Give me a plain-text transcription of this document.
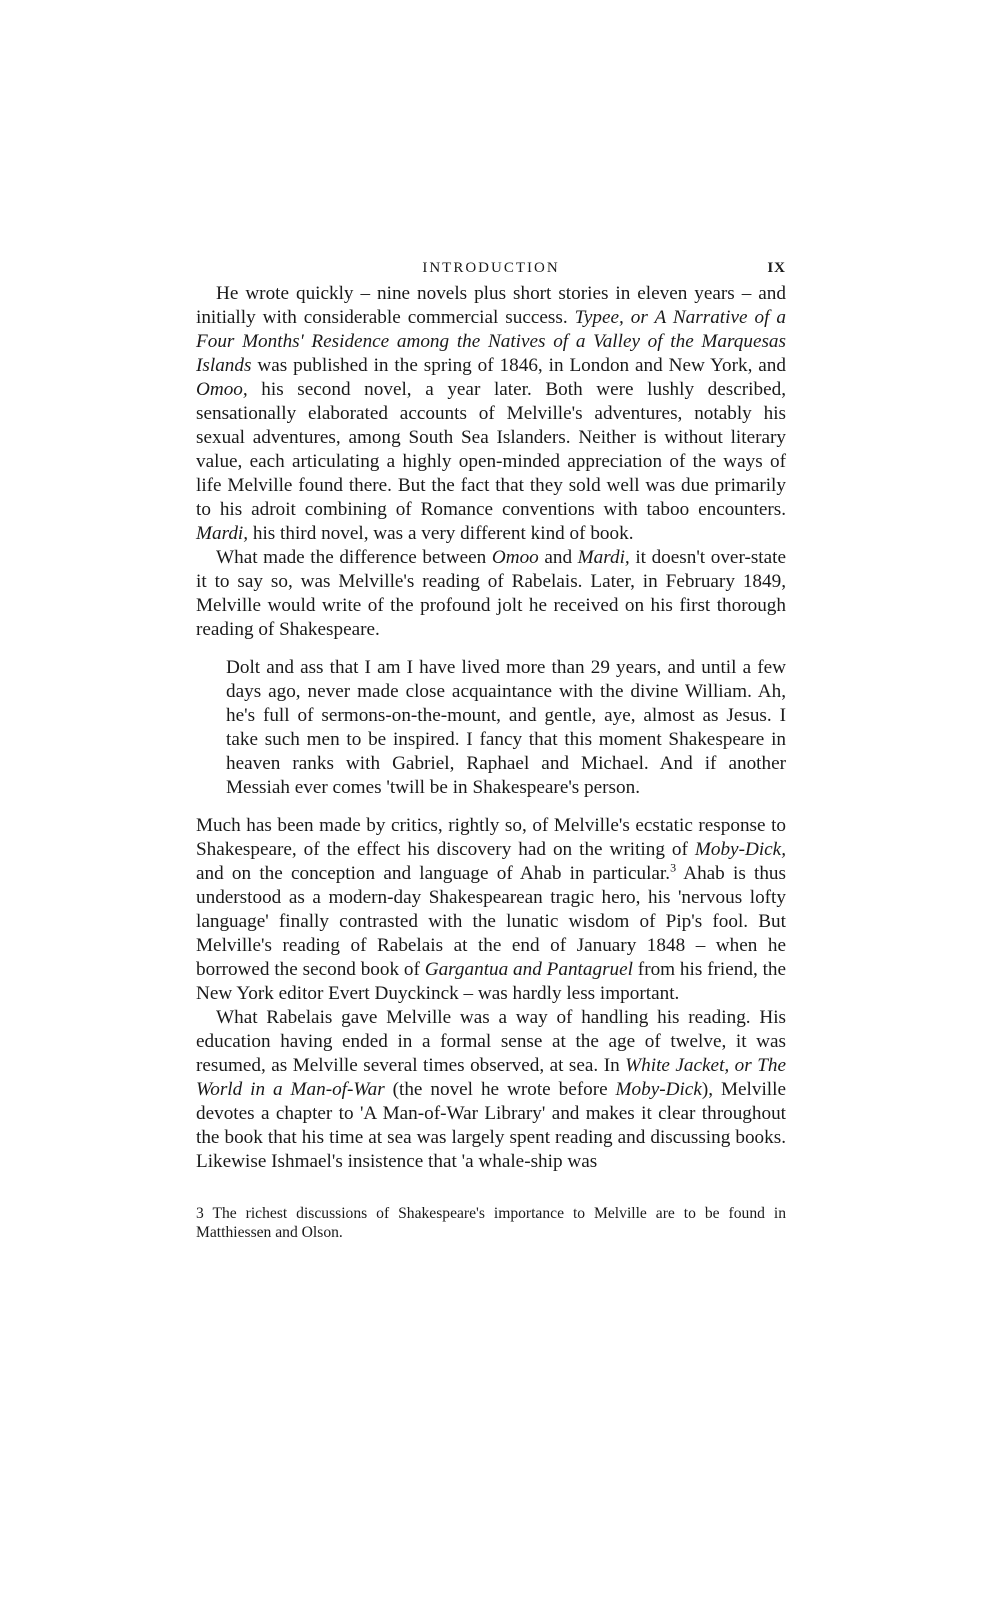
INTRODUCTION	IX

He wrote quickly – nine novels plus short stories in eleven years – and initially with considerable commercial success. Typee, or A Narrative of a Four Months' Residence among the Natives of a Valley of the Marquesas Islands was published in the spring of 1846, in London and New York, and Omoo, his second novel, a year later. Both were lushly described, sensationally elaborated accounts of Melville's adventures, notably his sexual adventures, among South Sea Islanders. Neither is without literary value, each articulating a highly open-minded appreciation of the ways of life Melville found there. But the fact that they sold well was due primarily to his adroit combining of Romance conventions with taboo encounters. Mardi, his third novel, was a very different kind of book.

What made the difference between Omoo and Mardi, it doesn't over-state it to say so, was Melville's reading of Rabelais. Later, in February 1849, Melville would write of the profound jolt he received on his first thorough reading of Shakespeare.

Dolt and ass that I am I have lived more than 29 years, and until a few days ago, never made close acquaintance with the divine William. Ah, he's full of sermons-on-the-mount, and gentle, aye, almost as Jesus. I take such men to be inspired. I fancy that this moment Shakespeare in heaven ranks with Gabriel, Raphael and Michael. And if another Messiah ever comes 'twill be in Shakespeare's person.

Much has been made by critics, rightly so, of Melville's ecstatic response to Shakespeare, of the effect his discovery had on the writing of Moby-Dick, and on the conception and language of Ahab in particular.$^3$ Ahab is thus understood as a modern-day Shakespearean tragic hero, his 'nervous lofty language' finally contrasted with the lunatic wisdom of Pip's fool. But Melville's reading of Rabelais at the end of January 1848 – when he borrowed the second book of Gargantua and Pantagruel from his friend, the New York editor Evert Duyckinck – was hardly less important.

What Rabelais gave Melville was a way of handling his reading. His education having ended in a formal sense at the age of twelve, it was resumed, as Melville several times observed, at sea. In White Jacket, or The World in a Man-of-War (the novel he wrote before Moby-Dick), Melville devotes a chapter to 'A Man-of-War Library' and makes it clear throughout the book that his time at sea was largely spent reading and discussing books. Likewise Ishmael's insistence that 'a whale-ship was

3 The richest discussions of Shakespeare's importance to Melville are to be found in Matthiessen and Olson.
